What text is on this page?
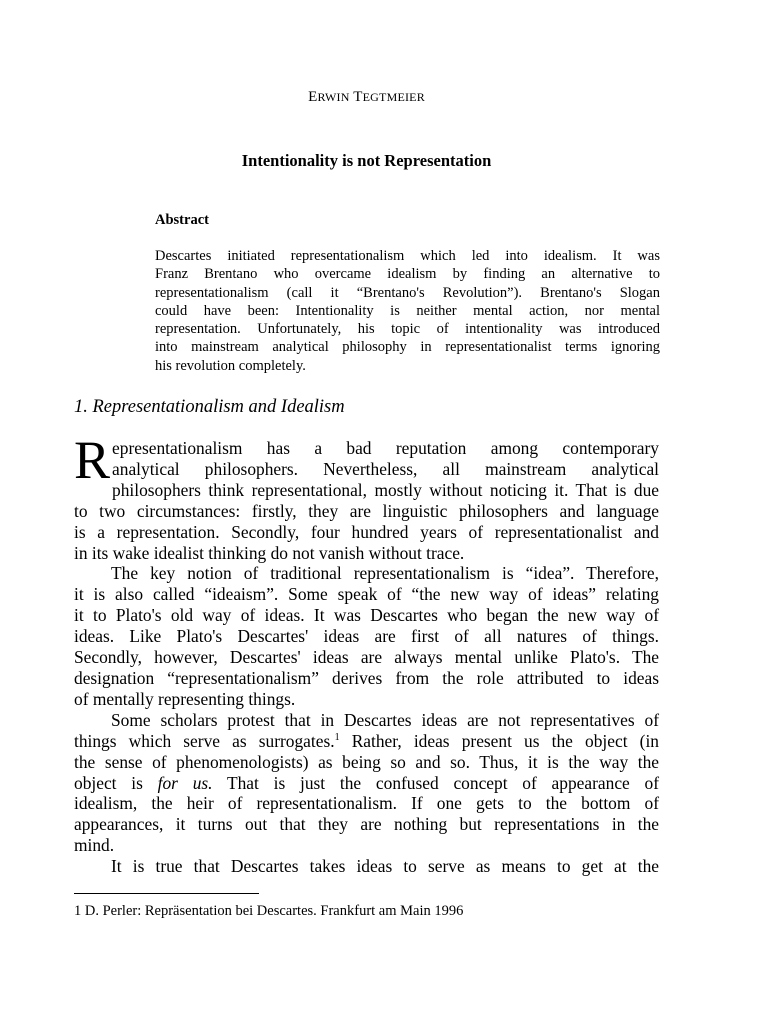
ERWIN TEGTMEIER
Intentionality is not Representation
Abstract
Descartes initiated representationalism which led into idealism. It was
Franz Brentano who overcame idealism by finding an alternative to
representationalism (call it “Brentano's Revolution”). Brentano's Slogan
could have been: Intentionality is neither mental action, nor mental
representation. Unfortunately, his topic of intentionality was introduced
into mainstream analytical philosophy in representationalist terms ignoring
his revolution completely.
1. Representationalism and Idealism
R epresentationalism has a bad reputation among contemporary
analytical philosophers. Nevertheless, all mainstream analytical
philosophers think representational, mostly without noticing it. That is due
to two circumstances: firstly, they are linguistic philosophers and language
is a representation. Secondly, four hundred years of representationalist and
in its wake idealist thinking do not vanish without trace.
The key notion of traditional representationalism is “idea”. Therefore,
it is also called “ideaism”. Some speak of “the new way of ideas” relating
it to Plato's old way of ideas. It was Descartes who began the new way of
ideas. Like Plato's Descartes' ideas are first of all natures of things.
Secondly, however, Descartes' ideas are always mental unlike Plato's. The
designation “representationalism” derives from the role attributed to ideas
of mentally representing things.
Some scholars protest that in Descartes ideas are not representatives of
things which serve as surrogates.$^1$ Rather, ideas present us the object (in
the sense of phenomenologists) as being so and so. Thus, it is the way the
object is for us. That is just the confused concept of appearance of
idealism, the heir of representationalism. If one gets to the bottom of
appearances, it turns out that they are nothing but representations in the
mind.
It is true that Descartes takes ideas to serve as means to get at the
1 D. Perler: Repräsentation bei Descartes. Frankfurt am Main 1996
